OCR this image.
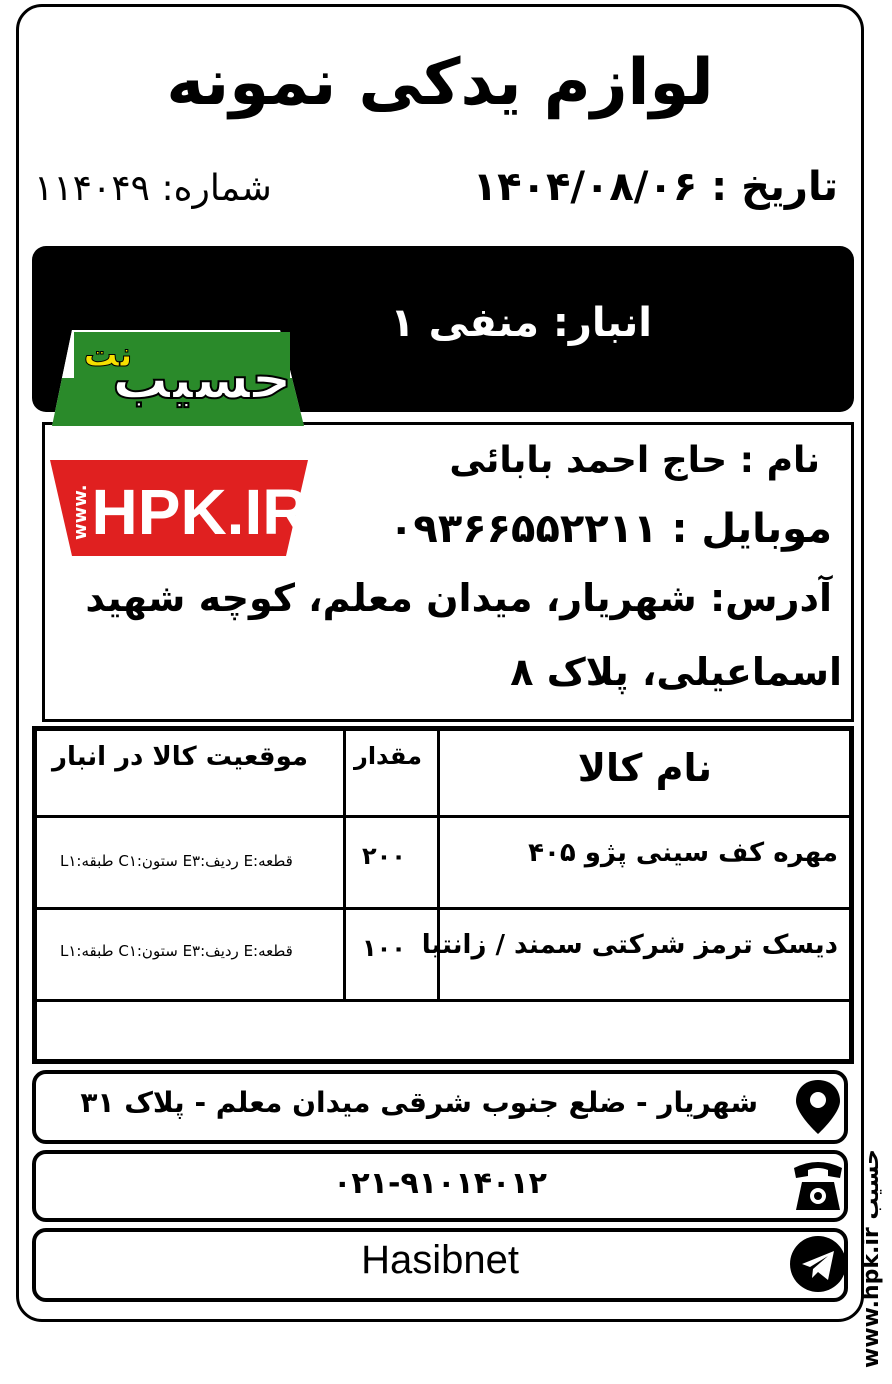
لوازم یدکی نمونه
تاریخ : ۱۴۰۴/۰۸/۰۶
شماره: ۱۱۴۰۴۹
انبار: منفی ۱
نام : حاج احمد بابائی
موبایل : ۰۹۳۶۶۵۵۲۲۱۱
آدرس: شهریار، میدان معلم، کوچه شهید
اسماعیلی، پلاک ۸
حسیب
نت
www. HPK.IR
نام کالا
مقدار
موقعیت کالا در انبار
مهره کف سینی پژو ۴۰۵
۲۰۰
قطعه:E ردیف:E۳ ستون:C۱ طبقه:L۱
دیسک ترمز شرکتی سمند / زانتیا
۱۰۰
قطعه:E ردیف:E۳ ستون:C۱ طبقه:L۱
شهریار - ضلع جنوب شرقی میدان معلم - پلاک ۳۱
۰۲۱-۹۱۰۱۴۰۱۲
Hasibnet	www.hpk.ir حسیب
